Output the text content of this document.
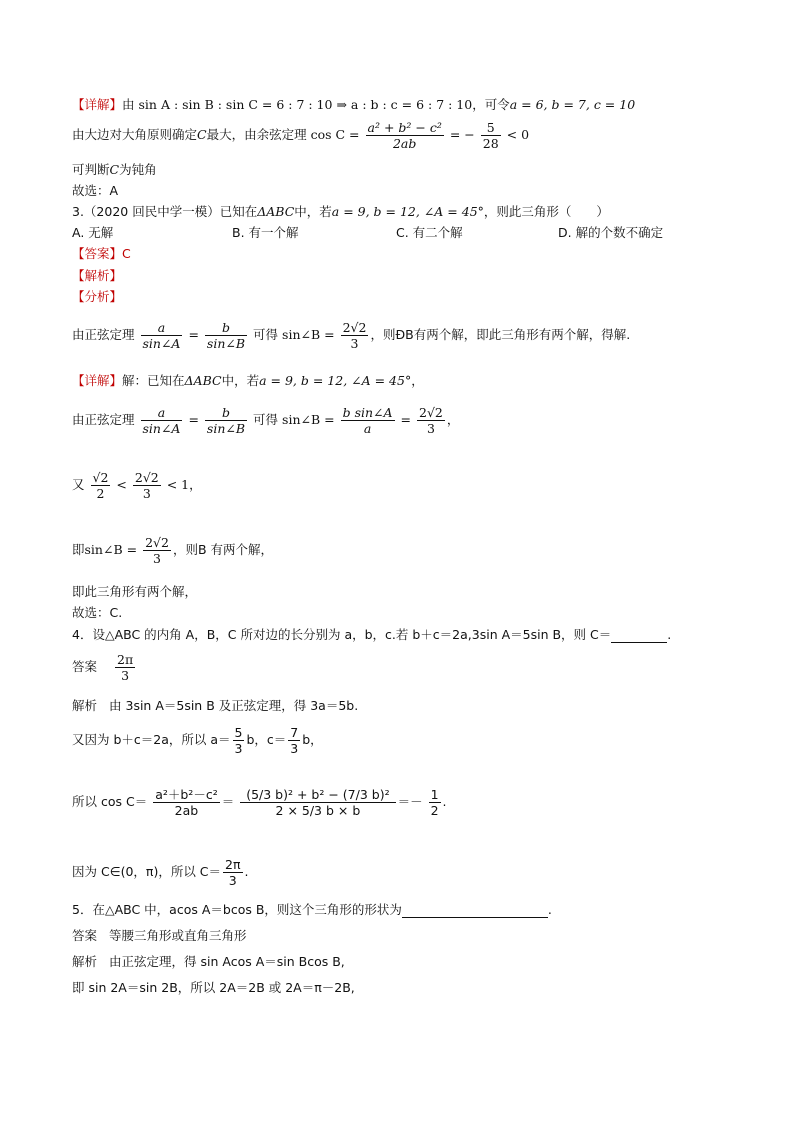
【详解】由 sin A : sin B : sin C = 6 : 7 : 10 ⇒ a : b : c = 6 : 7 : 10，可令a = 6, b = 7, c = 10
由大边对大角原则确定C最大，由余弦定理 $\cos C = \frac{\text{a² + b² − c²}}{2ab}$ = − $\frac{5}{28} < 0$
可判断C为钝角
故选：A
3.（2020 回民中学一模）已知在ΔABC中，若a = 9, b = 12, ∠A = 45°，则此三角形（　　）
A. 无解	B. 有一个解	C. 有二个解	D. 解的个数不确定
【答案】C
【解析】
【分析】
由正弦定理 $\frac{a}{\sin\angle A} = \frac{b}{\sin\angle B}$ 可得 sin∠B = $\frac{2√2}{3}$ ，则ÐB有两个解，即此三角形有两个解，得解.
【详解】解：已知在ΔABC中，若a = 9, b = 12, ∠A = 45°，
由正弦定理 $\frac{a}{\sin\angle A} = \frac{b}{\sin\angle B}$ 可得 sin∠B = $\frac{\text{b sin∠A}}{a} = \frac{2√2}{3}$ ，
又 $\frac{√2}{2} < \frac{2√2}{3} < 1$，
即sin∠B = $\frac{2√2}{3}$ ，则B 有两个解，
即此三角形有两个解，
故选：C.
4．设△ABC 的内角 A，B，C 所对边的长分别为 a，b，c.若 b＋c＝2a,3sin A＝5sin B，则 C＝	.
答案 $\frac{2\pi}{3}$
解析 由 3sin A＝5sin B 及正弦定理，得 3a＝5b.
又因为 b＋c＝2a，所以 $a= \frac{5}{3}$ b，$c= \frac{7}{3}$ b，
所以 $\cos C= \frac{\text{a²＋b²－c²}}{2ab} = \frac{\text{(5/3 b)² + b² − (7/3 b)²}}{2 \times 5/3 b \times b} =- \frac{1}{2}$ .
因为 C∈(0，π)，所以 $C= \frac{2\pi}{3}$ .
5．在△ABC 中，acos A＝bcos B，则这个三角形的形状为	.
答案 等腰三角形或直角三角形
解析 由正弦定理，得 sin Acos A＝sin Bcos B,
即 sin 2A＝sin 2B，所以 2A＝2B 或 2A＝π－2B,
